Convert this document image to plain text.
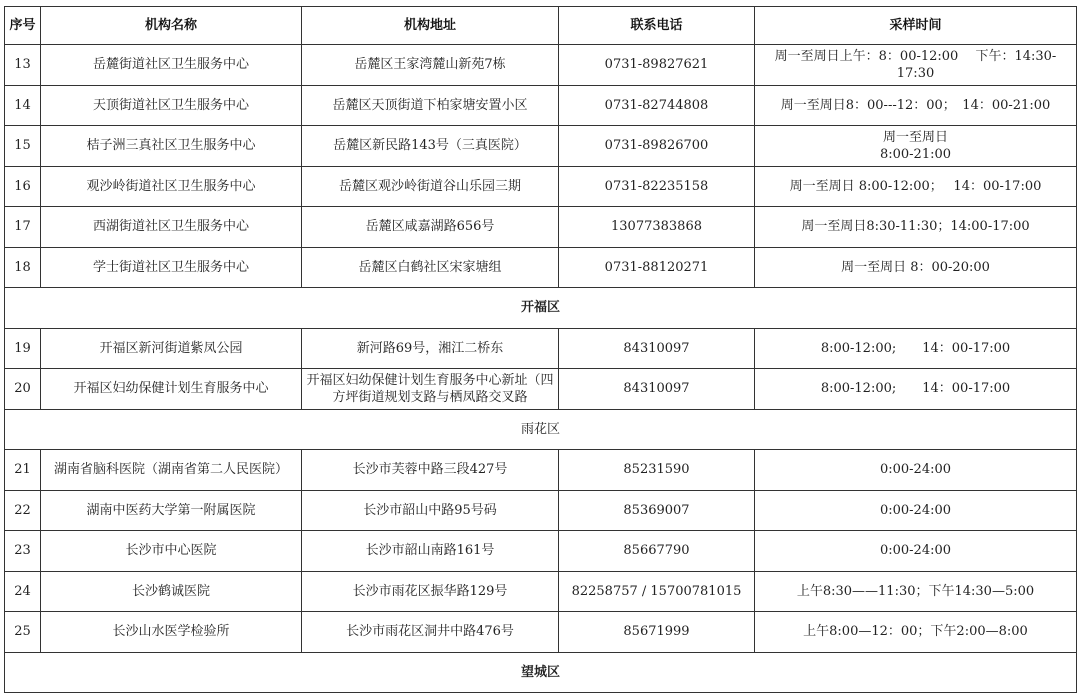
序号	机构名称	机构地址	联系电话	采样时间
13	岳麓街道社区卫生服务中心	岳麓区王家湾麓山新苑7栋	0731-89827621	周一至周日上午：8：00-12:00　 下午：14:30-17:30
14	天顶街道社区卫生服务中心	岳麓区天顶街道下柏家塘安置小区	0731-82744808	周一至周日8：00---12：00；　14：00-21:00
15	桔子洲三真社区卫生服务中心	岳麓区新民路143号（三真医院）	0731-89826700	周一至周日
8:00-21:00
16	观沙岭街道社区卫生服务中心	岳麓区观沙岭街道谷山乐园三期	0731-82235158	周一至周日 8:00-12:00；　 14：00-17:00
17	西湖街道社区卫生服务中心	岳麓区咸嘉湖路656号	13077383868	周一至周日8:30-11:30；14:00-17:00
18	学士街道社区卫生服务中心	岳麓区白鹤社区宋家塘组	0731-88120271	周一至周日 8：00-20:00
开福区				
19	开福区新河街道紫凤公园	新河路69号，湘江二桥东	84310097	8:00-12:00;　　14：00-17:00
20	开福区妇幼保健计划生育服务中心	开福区妇幼保健计划生育服务中心新址（四方坪街道规划支路与栖凤路交叉路	84310097	8:00-12:00;　　14：00-17:00
雨花区				
21	湖南省脑科医院（湖南省第二人民医院）	长沙市芙蓉中路三段427号	85231590	0:00-24:00
22	湖南中医药大学第一附属医院	长沙市韶山中路95号码	85369007	0:00-24:00
23	长沙市中心医院	长沙市韶山南路161号	85667790	0:00-24:00
24	长沙鹤诚医院	长沙市雨花区振华路129号	82258757 / 15700781015	上午8:30——11:30；下午14:30—5:00
25	长沙山水医学检验所	长沙市雨花区洞井中路476号	85671999	上午8:00—12：00；下午2:00—8:00
望城区				
